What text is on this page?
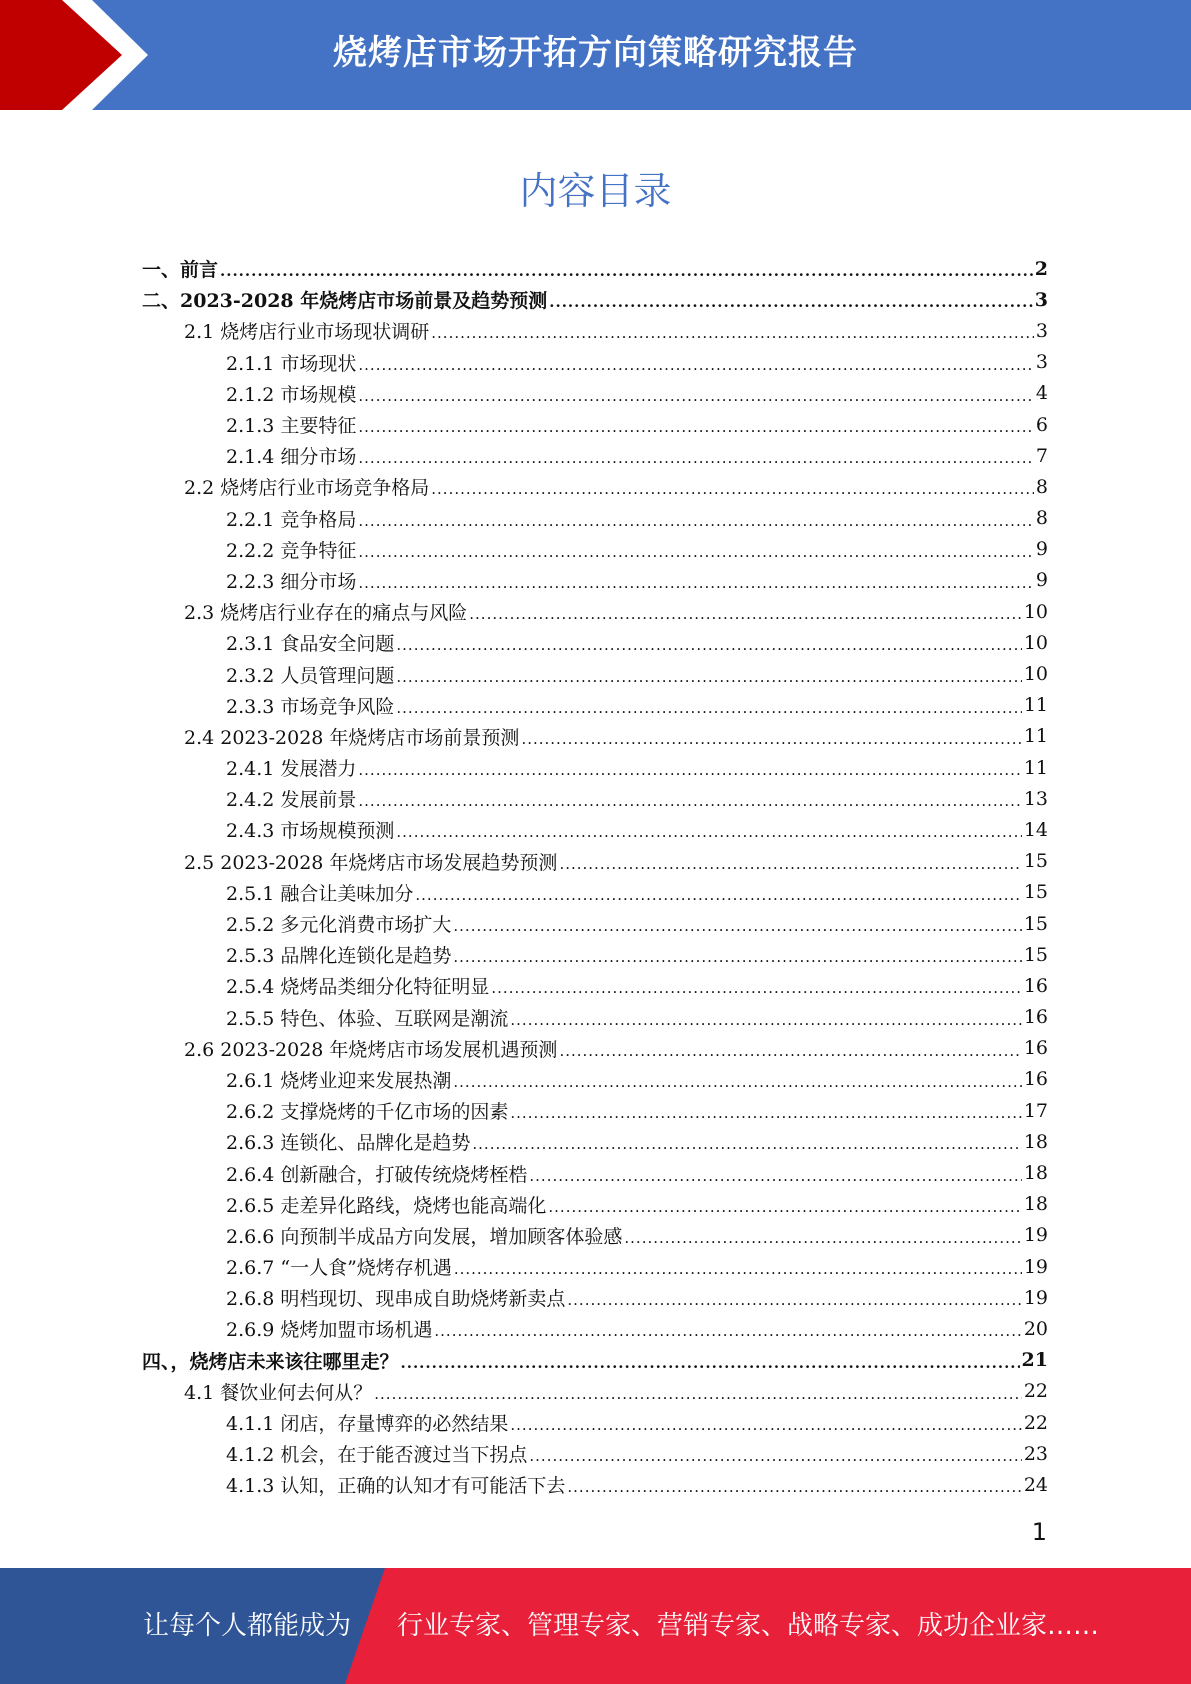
烧烤店市场开拓方向策略研究报告
内容目录
一、前言 .....	2
二、2023-2028 年烧烤店市场前景及趋势预测 .....	3
2.1 烧烤店行业市场现状调研 .....	3
2.1.1 市场现状 .....	3
2.1.2 市场规模 .....	4
2.1.3 主要特征 .....	6
2.1.4 细分市场 .....	7
2.2 烧烤店行业市场竞争格局 .....	8
2.2.1 竞争格局 .....	8
2.2.2 竞争特征 .....	9
2.2.3 细分市场 .....	9
2.3 烧烤店行业存在的痛点与风险 .....	10
2.3.1 食品安全问题 .....	10
2.3.2 人员管理问题 .....	10
2.3.3 市场竞争风险 .....	11
2.4 2023-2028 年烧烤店市场前景预测 .....	11
2.4.1 发展潜力 .....	11
2.4.2 发展前景 .....	13
2.4.3 市场规模预测 .....	14
2.5 2023-2028 年烧烤店市场发展趋势预测 .....	15
2.5.1 融合让美味加分 .....	15
2.5.2 多元化消费市场扩大 .....	15
2.5.3 品牌化连锁化是趋势 .....	15
2.5.4 烧烤品类细分化特征明显 .....	16
2.5.5 特色、体验、互联网是潮流 .....	16
2.6 2023-2028 年烧烤店市场发展机遇预测 .....	16
2.6.1 烧烤业迎来发展热潮 .....	16
2.6.2 支撑烧烤的千亿市场的因素 .....	17
2.6.3 连锁化、品牌化是趋势 .....	18
2.6.4 创新融合，打破传统烧烤桎梏 .....	18
2.6.5 走差异化路线，烧烤也能高端化 .....	18
2.6.6 向预制半成品方向发展，增加顾客体验感 .....	19
2.6.7 “一人食”烧烤存机遇 .....	19
2.6.8 明档现切、现串成自助烧烤新卖点 .....	19
2.6.9 烧烤加盟市场机遇 .....	20
四、，烧烤店未来该往哪里走？ .....	21
4.1 餐饮业何去何从？ .....	22
4.1.1 闭店，存量博弈的必然结果 .....	22
4.1.2 机会，在于能否渡过当下拐点 .....	23
4.1.3 认知，正确的认知才有可能活下去 .....	24
1
让每个人都能成为 行业专家、管理专家、营销专家、战略专家、成功企业家……
